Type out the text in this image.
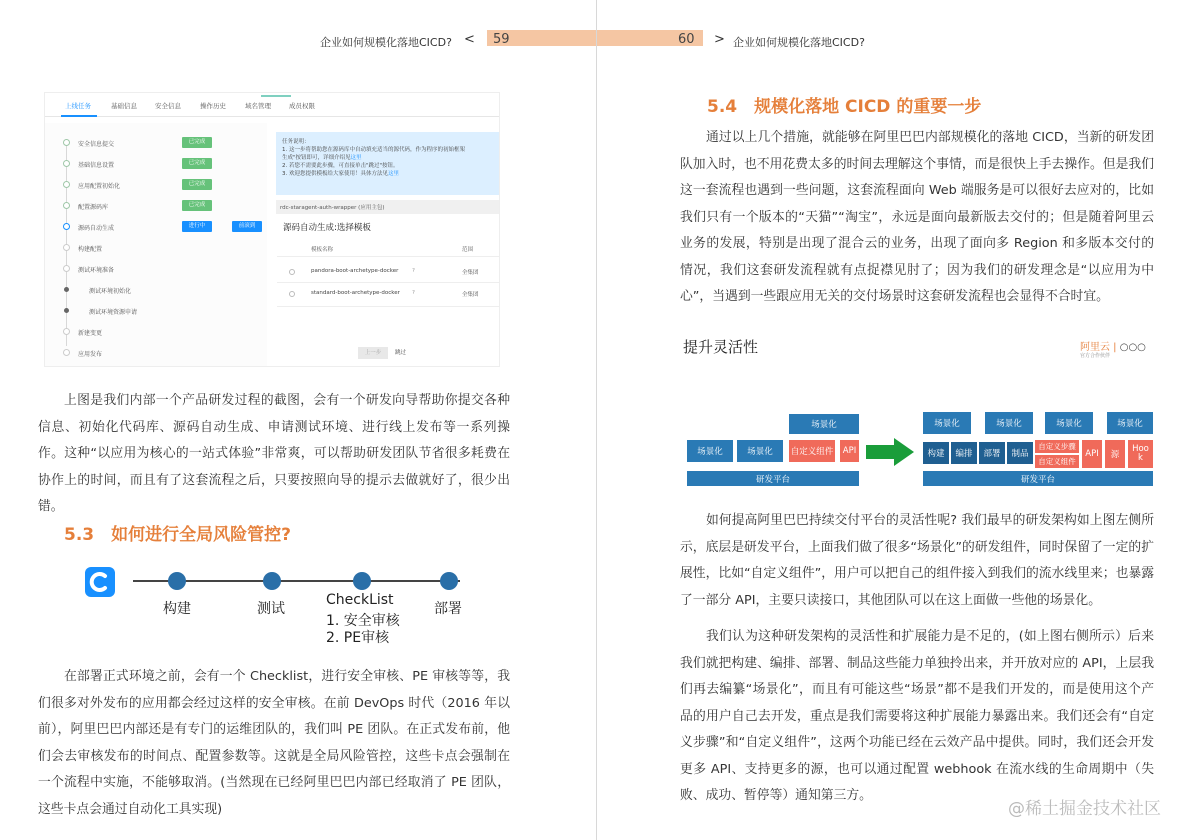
企业如何规模化落地CICD? < 59	60 > 企业如何规模化落地CICD?
上线任务	基础信息	安全信息	操作历史	域名管理	成员权限
安全信息提交	已完成
基础信息设置	已完成
应用配置初始化	已完成
配置源码库	已完成
源码自动生成	进行中	前滚到
构建配置
测试环境准备
测试环境初始化
测试环境资源申请
新建变更
应用发布
任务说明：
1. 这一步将帮助您在源码库中自动填充适当的源代码，作为程序的初始框架
生成"按钮即可，详细介绍见这里
2. 若您不需要此步骤，可直接单击"跳过"按钮。
3. 欢迎您提供模板给大家使用！具体方法见这里
rdc-staragent-auth-wrapper (应用主包)
源码自动生成:选择模板
模板名称	范围
pandora-boot-archetype-docker ?	全集团
standard-boot-archetype-docker ?	全集团
上一步	跳过
上图是我们内部一个产品研发过程的截图，会有一个研发向导帮助你提交各种信息、初始化代码库、源码自动生成、申请测试环境、进行线上发布等一系列操作。这种“以应用为核心的一站式体验”非常爽，可以帮助研发团队节省很多耗费在协作上的时间，而且有了这套流程之后，只要按照向导的提示去做就好了，很少出错。
5.3　如何进行全局风险管控?
构建	测试
CheckList
1. 安全审核
2. PE审核
部署
在部署正式环境之前，会有一个 Checklist，进行安全审核、PE 审核等等，我们很多对外发布的应用都会经过这样的安全审核。在前 DevOps 时代（2016 年以前），阿里巴巴内部还是有专门的运维团队的，我们叫 PE 团队。在正式发布前，他们会去审核发布的时间点、配置参数等。这就是全局风险管控，这些卡点会强制在一个流程中实施，不能够取消。(当然现在已经阿里巴巴内部已经取消了 PE 团队，这些卡点会通过自动化工具实现)
5.4　规模化落地 CICD 的重要一步
通过以上几个措施，就能够在阿里巴巴内部规模化的落地 CICD，当新的研发团队加入时，也不用花费太多的时间去理解这个事情，而是很快上手去操作。但是我们这一套流程也遇到一些问题，这套流程面向 Web 端服务是可以很好去应对的，比如我们只有一个版本的“天猫”“淘宝”，永远是面向最新版去交付的；但是随着阿里云业务的发展，特别是出现了混合云的业务，出现了面向多 Region 和多版本交付的情况，我们这套研发流程就有点捉襟见肘了；因为我们的研发理念是“以应用为中心”，当遇到一些跟应用无关的交付场景时这套研发流程也会显得不合时宜。
提升灵活性	阿里云 | ○○○
官方合作伙伴
场景化
场景化	场景化	自定义组件	API
研发平台
场景化	场景化	场景化	场景化
构建	编排	部署	制品
自定义步骤
自定义组件
API	源
Hook
研发平台
如何提高阿里巴巴持续交付平台的灵活性呢? 我们最早的研发架构如上图左侧所示，底层是研发平台，上面我们做了很多“场景化”的研发组件，同时保留了一定的扩展性，比如“自定义组件”，用户可以把自己的组件接入到我们的流水线里来；也暴露了一部分 API，主要只读接口，其他团队可以在这上面做一些他的场景化。
我们认为这种研发架构的灵活性和扩展能力是不足的，(如上图右侧所示）后来我们就把构建、编排、部署、制品这些能力单独拎出来，并开放对应的 API，上层我们再去编纂“场景化”，而且有可能这些“场景”都不是我们开发的，而是使用这个产品的用户自己去开发，重点是我们需要将这种扩展能力暴露出来。我们还会有“自定义步骤”和“自定义组件”，这两个功能已经在云效产品中提供。同时，我们还会开发更多 API、支持更多的源，也可以通过配置 webhook 在流水线的生命周期中（失败、成功、暂停等）通知第三方。
@稀土掘金技术社区
